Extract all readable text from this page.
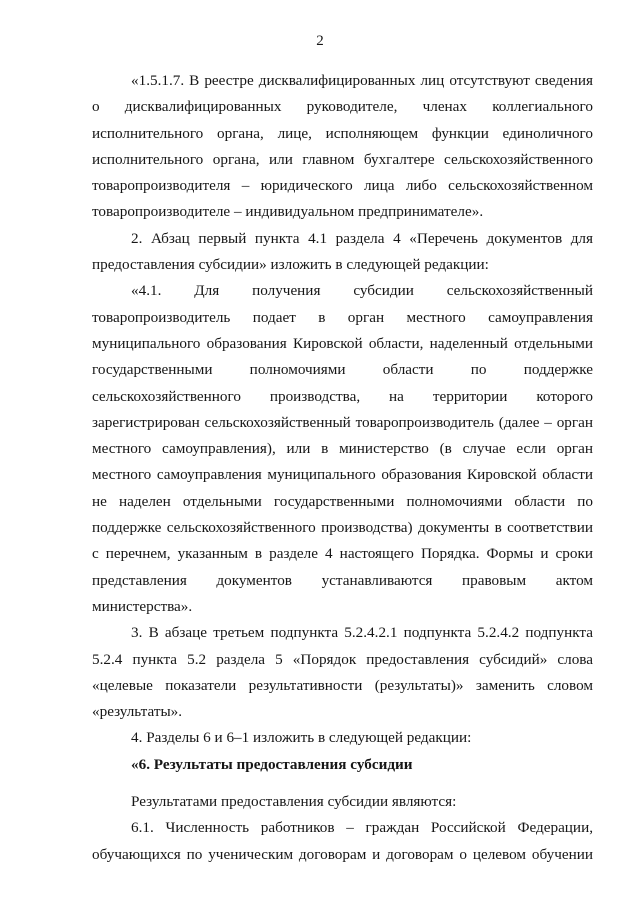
2

«1.5.1.7. В реестре дисквалифицированных лиц отсутствуют сведения о дисквалифицированных руководителе, членах коллегиального исполнительного органа, лице, исполняющем функции единоличного исполнительного органа, или главном бухгалтере сельскохозяйственного товаропроизводителя – юридического лица либо сельскохозяйственном товаропроизводителе – индивидуальном предпринимателе».

2. Абзац первый пункта 4.1 раздела 4 «Перечень документов для предоставления субсидии» изложить в следующей редакции:

«4.1. Для получения субсидии сельскохозяйственный товаропроизводитель подает в орган местного самоуправления муниципального образования Кировской области, наделенный отдельными государственными полномочиями области по поддержке сельскохозяйственного производства, на территории которого зарегистрирован сельскохозяйственный товаропроизводитель (далее – орган местного самоуправления), или в министерство (в случае если орган местного самоуправления муниципального образования Кировской области не наделен отдельными государственными полномочиями области по поддержке сельскохозяйственного производства) документы в соответствии с перечнем, указанным в разделе 4 настоящего Порядка. Формы и сроки представления документов устанавливаются правовым актом министерства».

3. В абзаце третьем подпункта 5.2.4.2.1 подпункта 5.2.4.2 подпункта 5.2.4 пункта 5.2 раздела 5 «Порядок предоставления субсидий» слова «целевые показатели результативности (результаты)» заменить словом «результаты».

4. Разделы 6 и 6–1 изложить в следующей редакции:

«6. Результаты предоставления субсидии

Результатами предоставления субсидии являются:

6.1. Численность работников – граждан Российской Федерации, обучающихся по ученическим договорам и договорам о целевом обучении
